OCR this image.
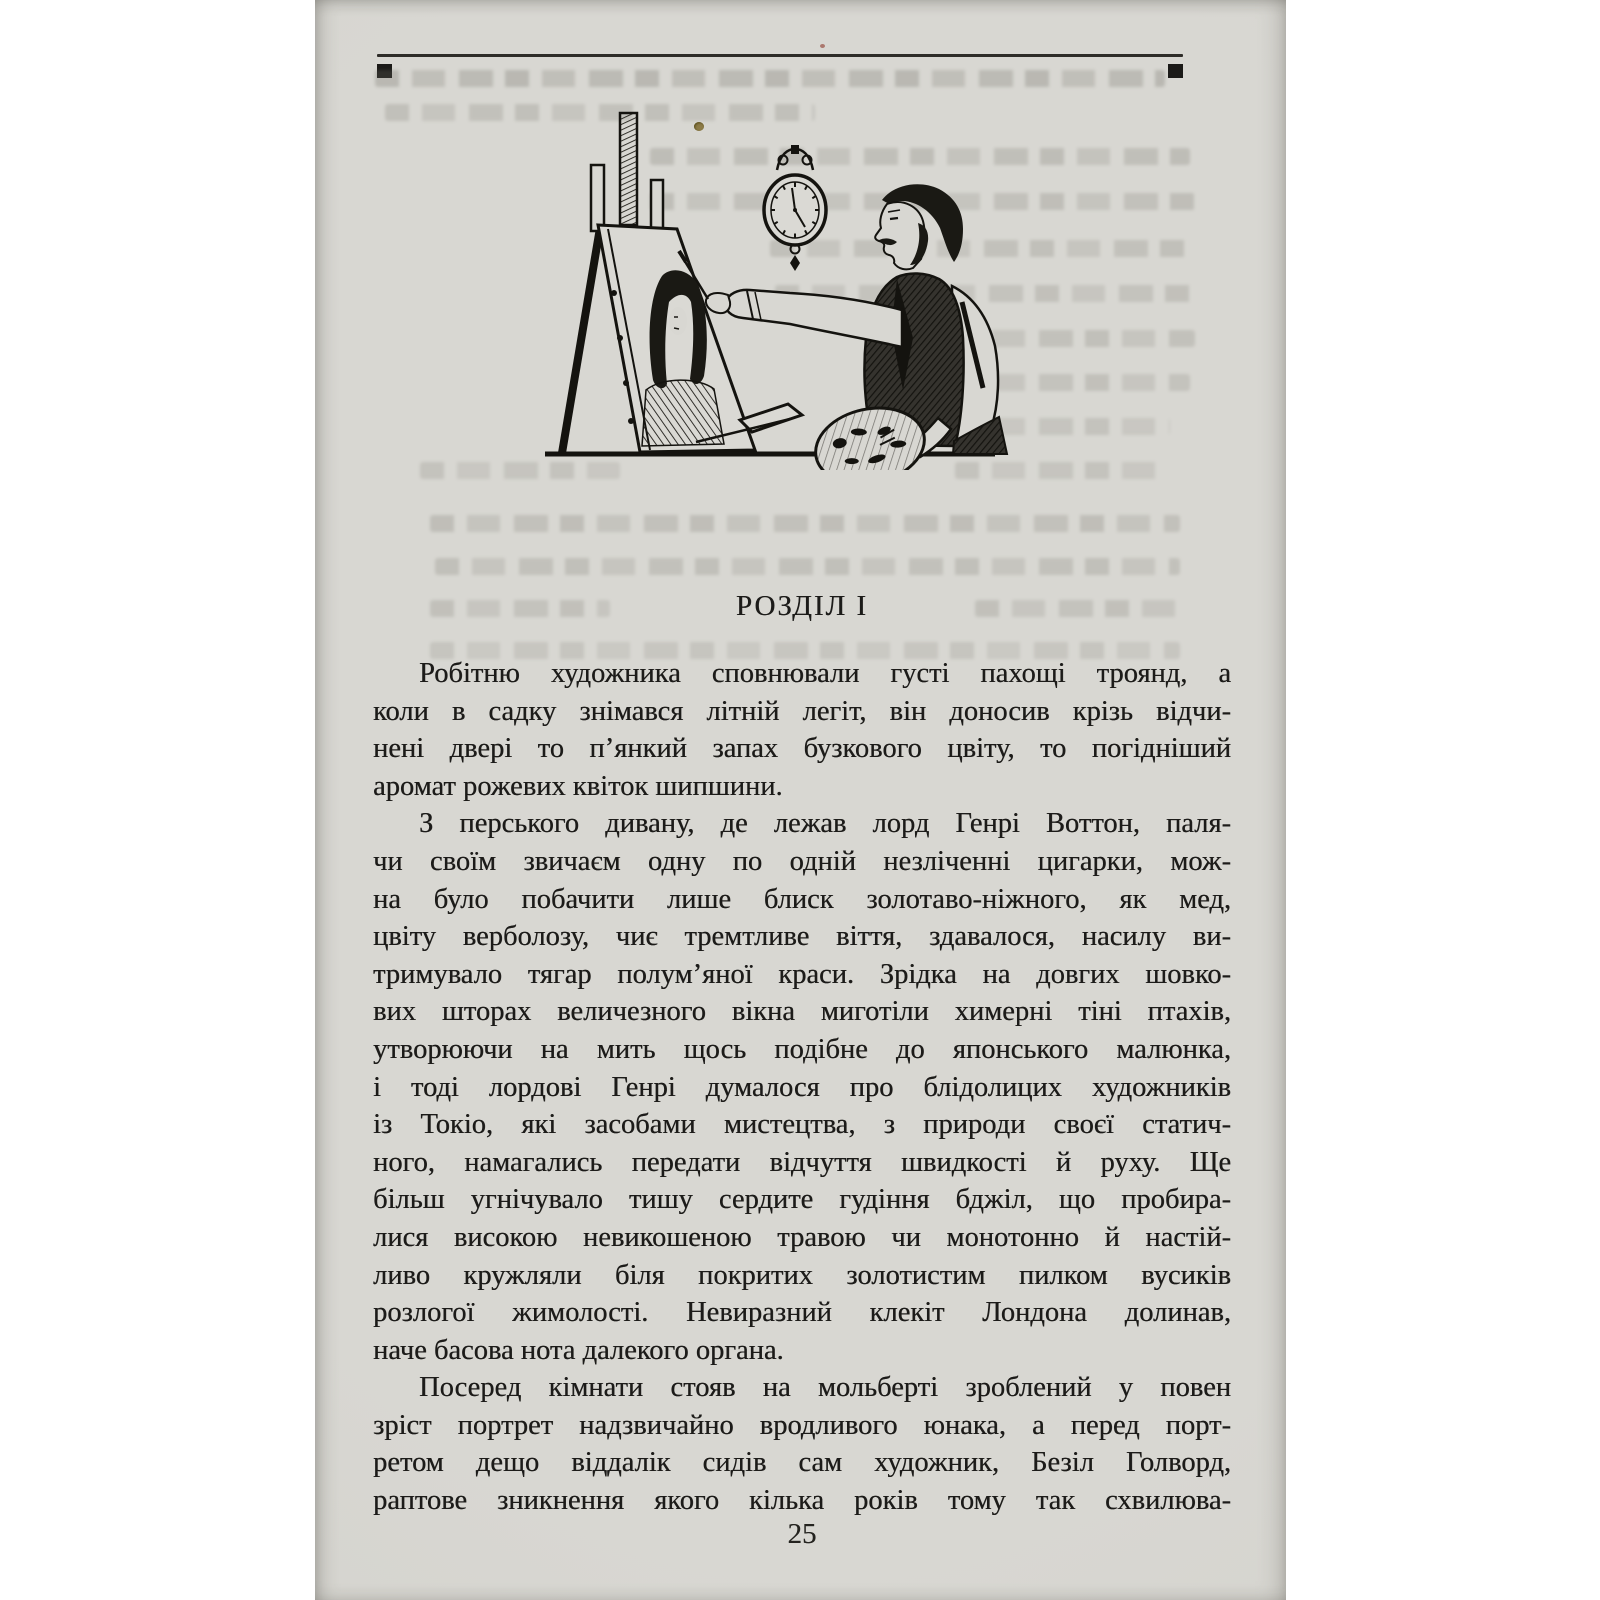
РОЗДІЛ I
Робітню художника сповнювали густі пахощі троянд, а
коли в садку знімався літній легіт, він доносив крізь відчи-
нені двері то п’янкий запах бузкового цвіту, то погідніший
аромат рожевих квіток шипшини.
З перського дивану, де лежав лорд Генрі Воттон, паля-
чи своїм звичаєм одну по одній незліченні цигарки, мож-
на було побачити лише блиск золотаво-ніжного, як мед,
цвіту верболозу, чиє тремтливе віття, здавалося, насилу ви-
тримувало тягар полум’яної краси. Зрідка на довгих шовко-
вих шторах величезного вікна миготіли химерні тіні птахів,
утворюючи на мить щось подібне до японського малюнка,
і тоді лордові Генрі думалося про блідолицих художників
із Токіо, які засобами мистецтва, з природи своєї статич-
ного, намагались передати відчуття швидкості й руху. Ще
більш угнічувало тишу сердите гудіння бджіл, що пробира-
лися високою невикошеною травою чи монотонно й настій-
ливо кружляли біля покритих золотистим пилком вусиків
розлогої жимолості. Невиразний клекіт Лондона долинав,
наче басова нота далекого органа.
Посеред кімнати стояв на мольберті зроблений у повен
зріст портрет надзвичайно вродливого юнака, а перед порт-
ретом дещо віддалік сидів сам художник, Безіл Голворд,
раптове зникнення якого кілька років тому так схвилюва-
25
